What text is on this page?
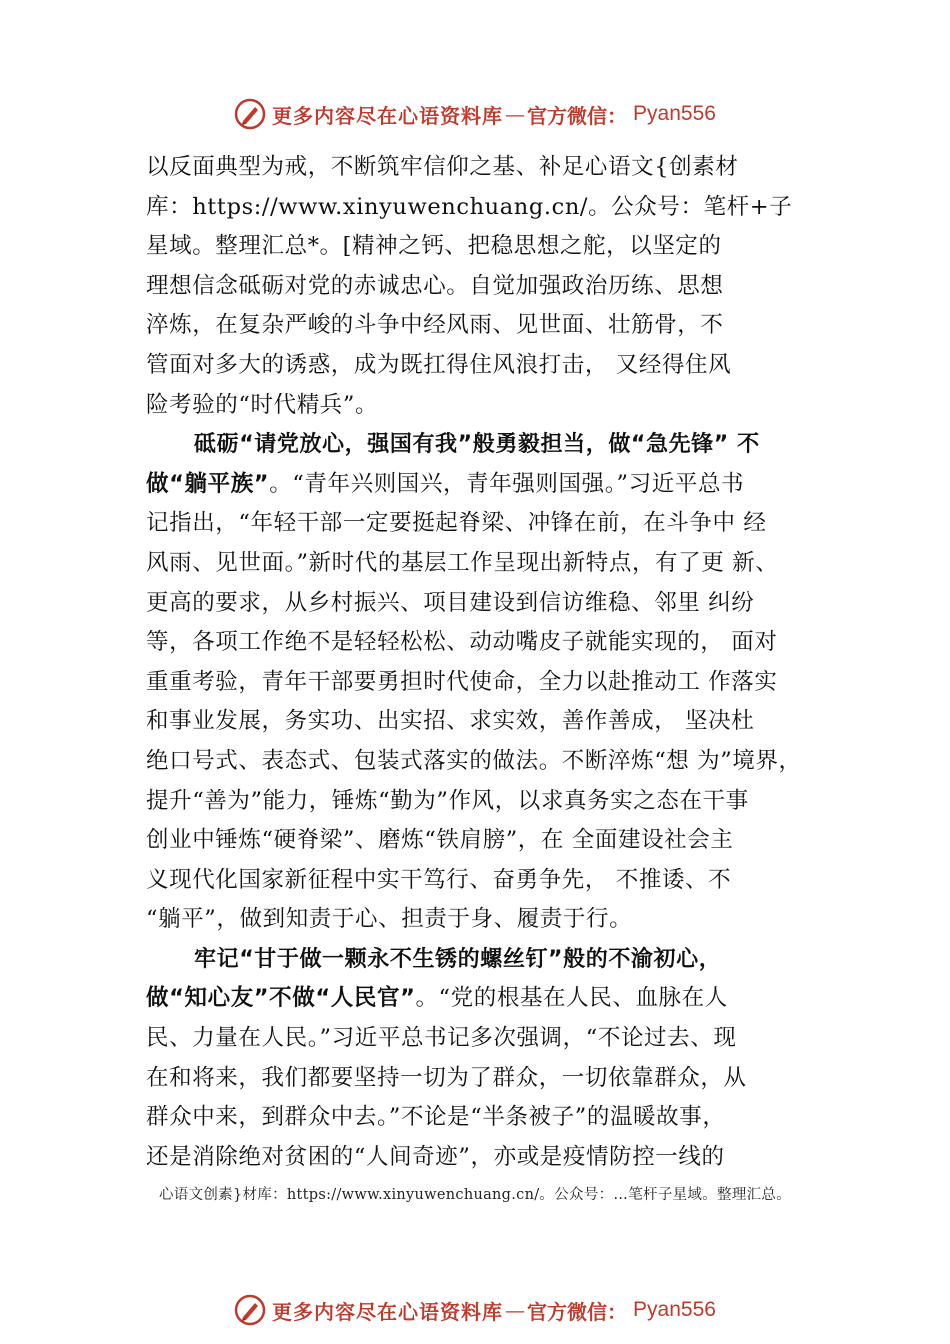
更多内容尽在心语资料库 — 官方微信： Pyan556
以反面典型为戒，不断筑牢信仰之基、补足心语文{创素材
库：https://www.xinyuwenchuang.cn/。公众号：笔杆+子
星域。整理汇总*。[精神之钙、把稳思想之舵，以坚定的
理想信念砥砺对党的赤诚忠心。自觉加强政治历练、思想
淬炼，在复杂严峻的斗争中经风雨、见世面、壮筋骨，不
管面对多大的诱惑，成为既扛得住风浪打击， 又经得住风
险考验的“时代精兵”。
砥砺“请党放心，强国有我”般勇毅担当，做“急先锋” 不
做“躺平族”。“青年兴则国兴，青年强则国强。”习近平总书
记指出，“年轻干部一定要挺起脊梁、冲锋在前，在斗争中 经
风雨、见世面。”新时代的基层工作呈现出新特点，有了更 新、
更高的要求，从乡村振兴、项目建设到信访维稳、邻里 纠纷
等，各项工作绝不是轻轻松松、动动嘴皮子就能实现的， 面对
重重考验，青年干部要勇担时代使命，全力以赴推动工 作落实
和事业发展，务实功、出实招、求实效，善作善成， 坚决杜
绝口号式、表态式、包装式落实的做法。不断淬炼“想 为”境界，
提升“善为”能力，锤炼“勤为”作风，以求真务实之态在干事
创业中锤炼“硬脊梁”、磨炼“铁肩膀”，在 全面建设社会主
义现代化国家新征程中实干笃行、奋勇争先， 不推诿、不
“躺平”，做到知责于心、担责于身、履责于行。
牢记“甘于做一颗永不生锈的螺丝钉”般的不渝初心，
做“知心友”不做“人民官”。“党的根基在人民、血脉在人
民、力量在人民。”习近平总书记多次强调，“不论过去、现
在和将来，我们都要坚持一切为了群众，一切依靠群众，从
群众中来，到群众中去。”不论是“半条被子”的温暖故事，
还是消除绝对贫困的“人间奇迹”，亦或是疫情防控一线的
心语文创素}材库：https://www.xinyuwenchuang.cn/。公众号：…笔杆子星域。整理汇总。
更多内容尽在心语资料库 — 官方微信： Pyan556
